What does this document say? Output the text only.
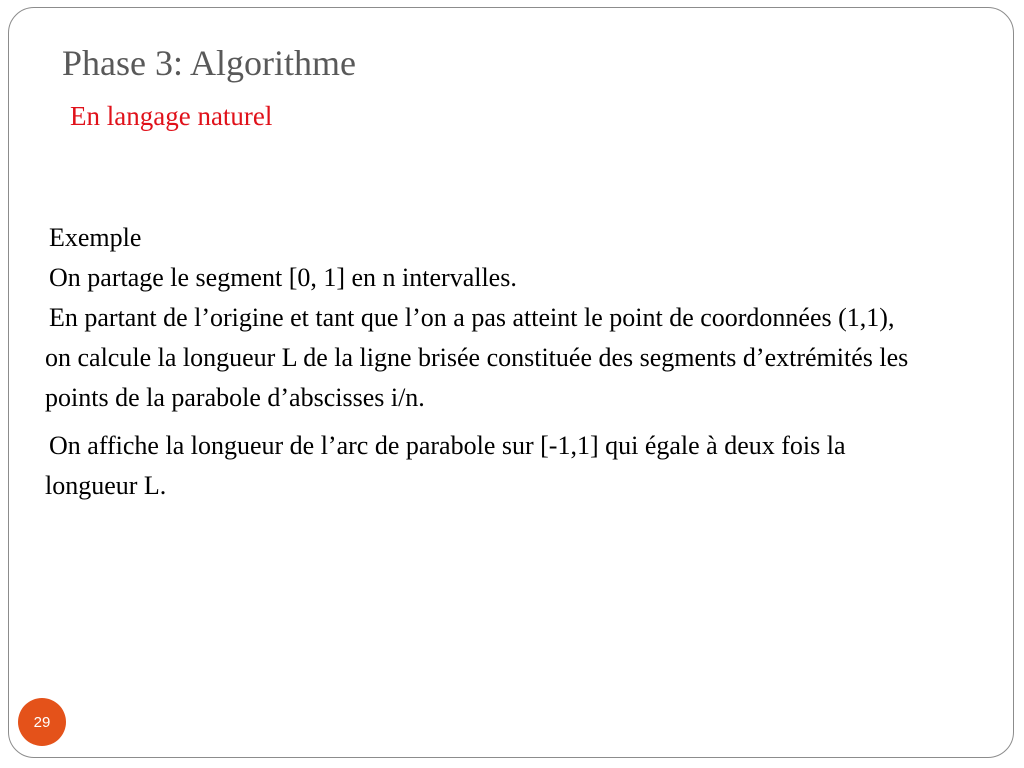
Phase 3: Algorithme
En langage naturel

Exemple

On partage le segment [0, 1] en n intervalles.

En partant de l’origine et tant que l’on a pas atteint le point de coordonnées (1,1), on calcule la longueur L de la ligne brisée constituée des segments d’extrémités les points de la parabole d’abscisses i/n.

On affiche la longueur de l’arc de parabole sur [-1,1] qui égale à deux fois la longueur L.

29
